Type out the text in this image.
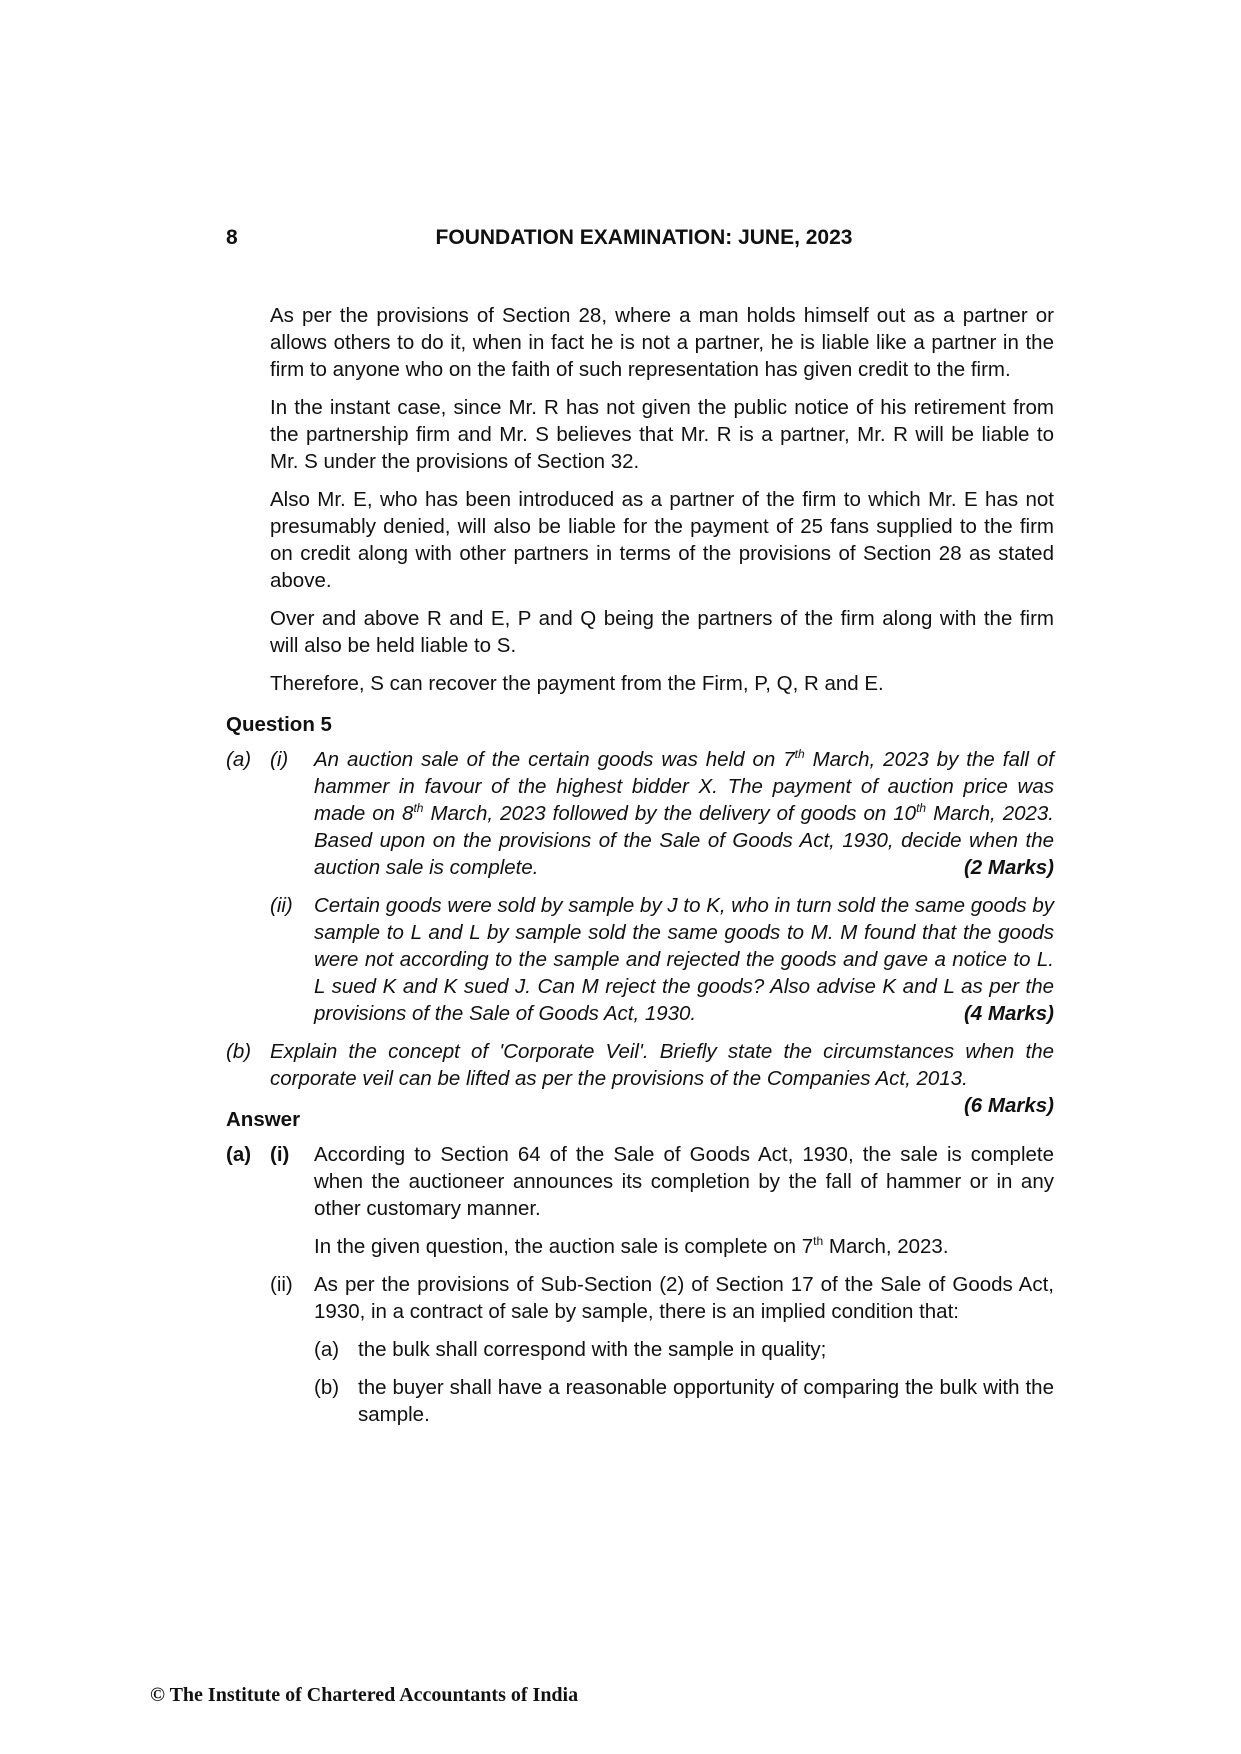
8	FOUNDATION EXAMINATION: JUNE, 2023

As per the provisions of Section 28, where a man holds himself out as a partner or allows others to do it, when in fact he is not a partner, he is liable like a partner in the firm to anyone who on the faith of such representation has given credit to the firm.

In the instant case, since Mr. R has not given the public notice of his retirement from the partnership firm and Mr. S believes that Mr. R is a partner, Mr. R will be liable to Mr. S under the provisions of Section 32.

Also Mr. E, who has been introduced as a partner of the firm to which Mr. E has not presumably denied, will also be liable for the payment of 25 fans supplied to the firm on credit along with other partners in terms of the provisions of Section 28 as stated above.

Over and above R and E, P and Q being the partners of the firm along with the firm will also be held liable to S.

Therefore, S can recover the payment from the Firm, P, Q, R and E.

Question 5
(a) (i) An auction sale of the certain goods was held on 7th March, 2023 by the fall of hammer in favour of the highest bidder X. The payment of auction price was made on 8th March, 2023 followed by the delivery of goods on 10th March, 2023. Based upon on the provisions of the Sale of Goods Act, 1930, decide when the auction sale is complete.	(2 Marks)
(ii) Certain goods were sold by sample by J to K, who in turn sold the same goods by sample to L and L by sample sold the same goods to M. M found that the goods were not according to the sample and rejected the goods and gave a notice to L. L sued K and K sued J. Can M reject the goods? Also advise K and L as per the provisions of the Sale of Goods Act, 1930.	(4 Marks)
(b) Explain the concept of 'Corporate Veil'. Briefly state the circumstances when the corporate veil can be lifted as per the provisions of the Companies Act, 2013.
(6 Marks)
Answer
(a) (i) According to Section 64 of the Sale of Goods Act, 1930, the sale is complete when the auctioneer announces its completion by the fall of hammer or in any other customary manner.

In the given question, the auction sale is complete on 7th March, 2023.

(ii) As per the provisions of Sub-Section (2) of Section 17 of the Sale of Goods Act, 1930, in a contract of sale by sample, there is an implied condition that:
(a) the bulk shall correspond with the sample in quality;
(b) the buyer shall have a reasonable opportunity of comparing the bulk with the sample.
© The Institute of Chartered Accountants of India
